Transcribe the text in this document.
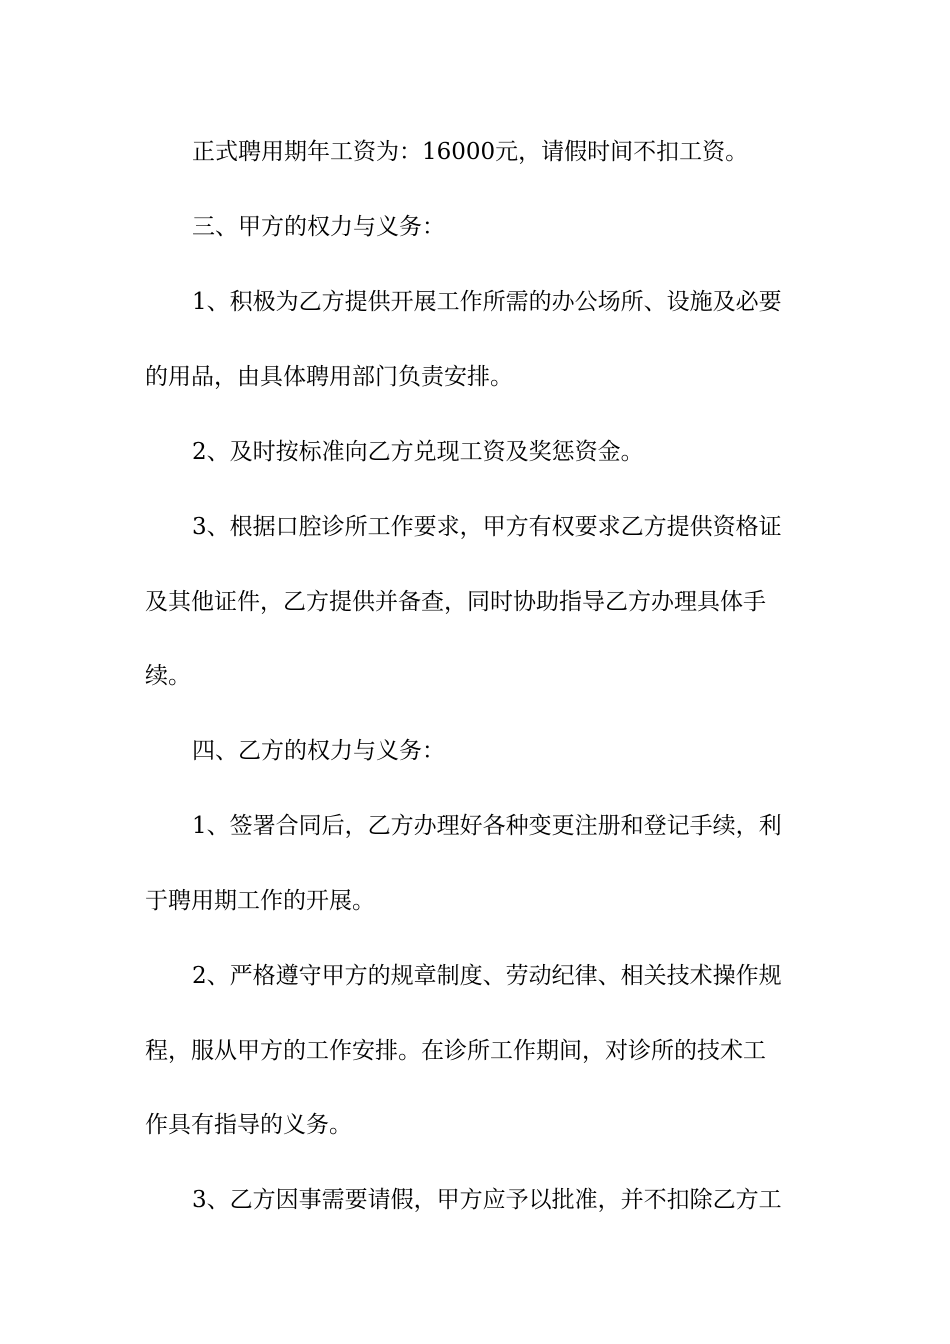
正式聘用期年工资为：16000元，请假时间不扣工资。

三、甲方的权力与义务：

1、积极为乙方提供开展工作所需的办公场所、设施及必要

的用品，由具体聘用部门负责安排。

2、及时按标准向乙方兑现工资及奖惩资金。

3、根据口腔诊所工作要求，甲方有权要求乙方提供资格证

及其他证件，乙方提供并备查，同时协助指导乙方办理具体手

续。

四、乙方的权力与义务：

1、签署合同后，乙方办理好各种变更注册和登记手续，利

于聘用期工作的开展。

2、严格遵守甲方的规章制度、劳动纪律、相关技术操作规

程，服从甲方的工作安排。在诊所工作期间，对诊所的技术工

作具有指导的义务。

3、乙方因事需要请假，甲方应予以批准，并不扣除乙方工
